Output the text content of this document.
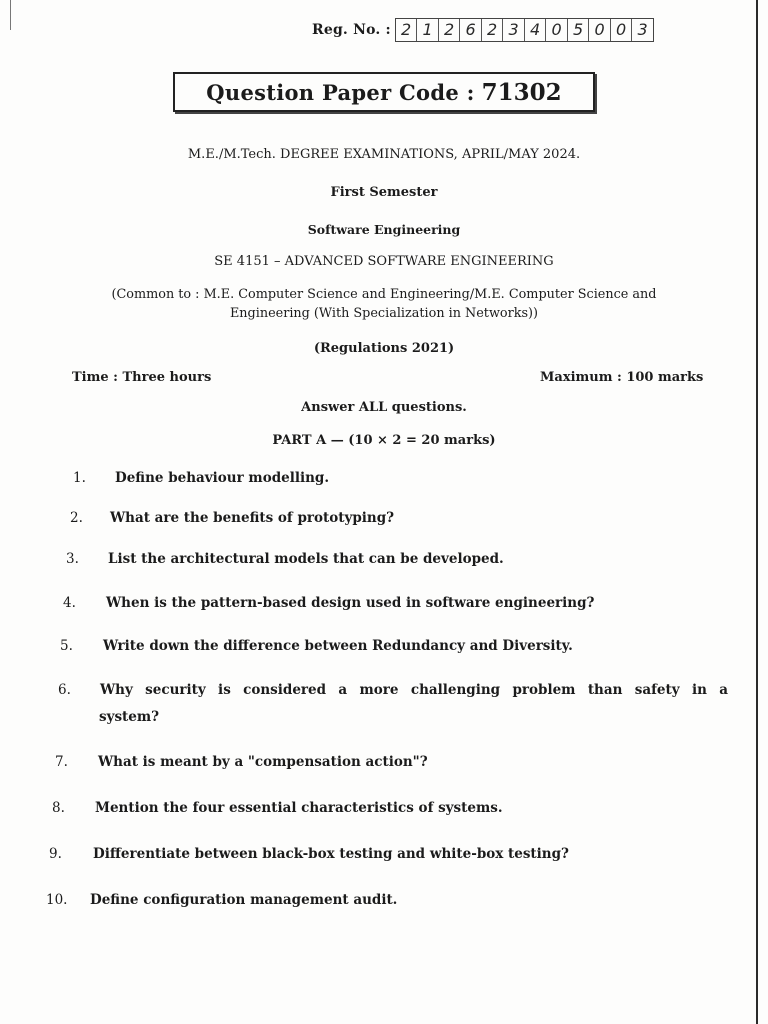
Reg. No. : 2 1 2 6 2 3 4 0 5 0 0 3
Question Paper Code : 71302
M.E./M.Tech. DEGREE EXAMINATIONS, APRIL/MAY 2024.
First Semester
Software Engineering
SE 4151 – ADVANCED SOFTWARE ENGINEERING
(Common to : M.E. Computer Science and Engineering/M.E. Computer Science and
Engineering (With Specialization in Networks))
(Regulations 2021)
Time : Three hours	Maximum : 100 marks
Answer ALL questions.
PART A — (10 × 2 = 20 marks)
1. Define behaviour modelling.
2. What are the benefits of prototyping?
3. List the architectural models that can be developed.
4. When is the pattern-based design used in software engineering?
5. Write down the difference between Redundancy and Diversity.
6. Why security is considered a more challenging problem than safety in a
system?
7. What is meant by a "compensation action"?
8. Mention the four essential characteristics of systems.
9. Differentiate between black-box testing and white-box testing?
10. Define configuration management audit.
